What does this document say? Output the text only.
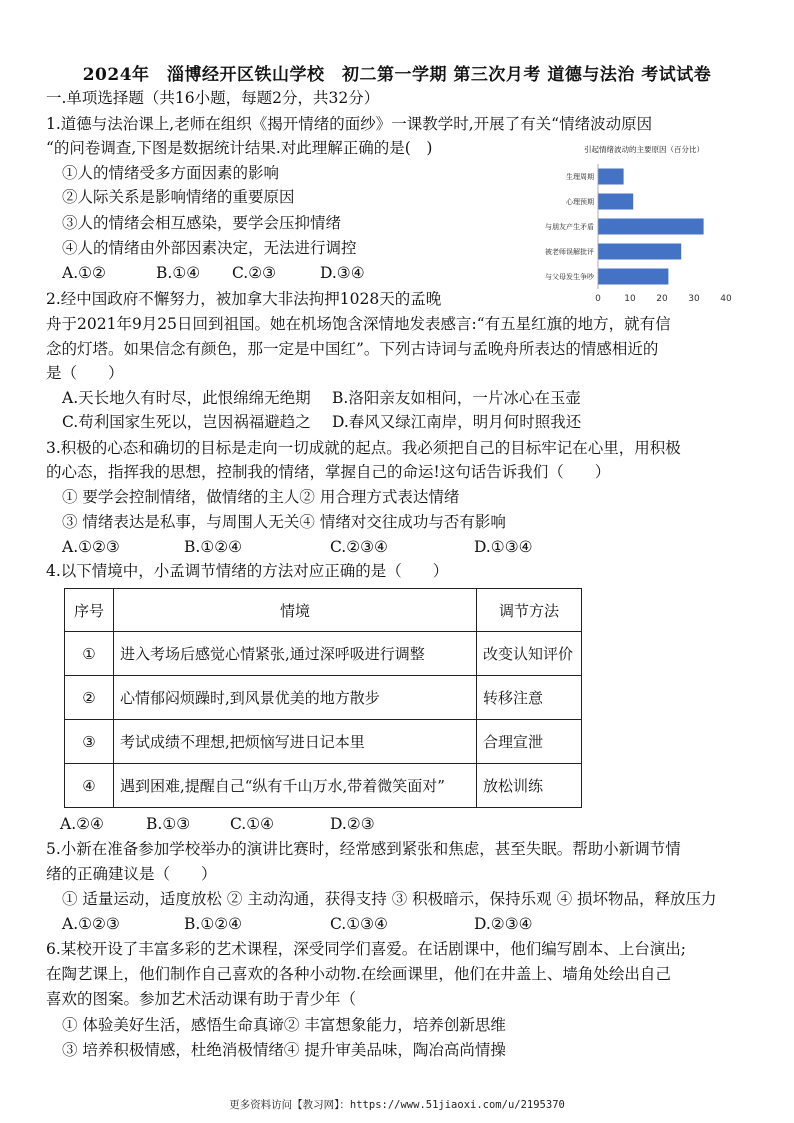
2024年　淄博经开区铁山学校　初二第一学期 第三次月考 道德与法治 考试试卷
一.单项选择题（共16小题，每题2分，共32分）
1.道德与法治课上,老师在组织《揭开情绪的面纱》一课教学时,开展了有关“情绪波动原因
“的问卷调查,下图是数据统计结果.对此理解正确的是(　)
①人的情绪受多方面因素的影响
②人际关系是影响情绪的重要原因
③人的情绪会相互感染，要学会压抑情绪
④人的情绪由外部因素决定，无法进行调控
A.①②	B.①④	C.②③	D.③④
引起情绪波动的主要原因（百分比）
生理周期
心理预期
与朋友产生矛盾
被老师误解批评
与父母发生争吵
0	10 20 30 40
2.经中国政府不懈努力，被加拿大非法拘押1028天的孟晚
舟于2021年9月25日回到祖国。她在机场饱含深情地发表感言:“有五星红旗的地方，就有信
念的灯塔。如果信念有颜色，那一定是中国红”。下列古诗词与孟晚舟所表达的情感相近的
是（　　）
A.天长地久有时尽，此恨绵绵无绝期 B.洛阳亲友如相问，一片冰心在玉壶
C.苟利国家生死以，岂因祸福避趋之 D.春风又绿江南岸，明月何时照我还
3.积极的心态和确切的目标是走向一切成就的起点。我必须把自己的目标牢记在心里，用积极
的心态，指挥我的思想，控制我的情绪，掌握自己的命运!这句话告诉我们（　　）
① 要学会控制情绪，做情绪的主人② 用合理方式表达情绪
③ 情绪表达是私事，与周围人无关④ 情绪对交往成功与否有影响
A.①②③	B.①②④	C.②③④	D.①③④
4.以下情境中，小孟调节情绪的方法对应正确的是（　　）
序号	情境	调节方法
①	进入考场后感觉心情紧张,通过深呼吸进行调整	改变认知评价
②	心情郁闷烦躁时,到风景优美的地方散步	转移注意
③	考试成绩不理想,把烦恼写进日记本里	合理宣泄
④	遇到困难,提醒自己“纵有千山万水,带着微笑面对”	放松训练
A.②④	B.①③	C.①④	D.②③
5.小新在准备参加学校举办的演讲比赛时，经常感到紧张和焦虑，甚至失眠。帮助小新调节情
绪的正确建议是（　　）
① 适量运动，适度放松 ② 主动沟通，获得支持 ③ 积极暗示，保持乐观 ④ 损坏物品，释放压力
A.①②③	B.①②④	C.①③④	D.②③④
6.某校开设了丰富多彩的艺术课程，深受同学们喜爱。在话剧课中，他们编写剧本、上台演出;
在陶艺课上，他们制作自己喜欢的各种小动物.在绘画课里，他们在井盖上、墙角处绘出自己
喜欢的图案。参加艺术活动课有助于青少年（
① 体验美好生活，感悟生命真谛② 丰富想象能力，培养创新思维
③ 培养积极情感，杜绝消极情绪④ 提升审美品味，陶冶高尚情操
更多资料访问【教习网】：https://www.51jiaoxi.com/u/2195370
